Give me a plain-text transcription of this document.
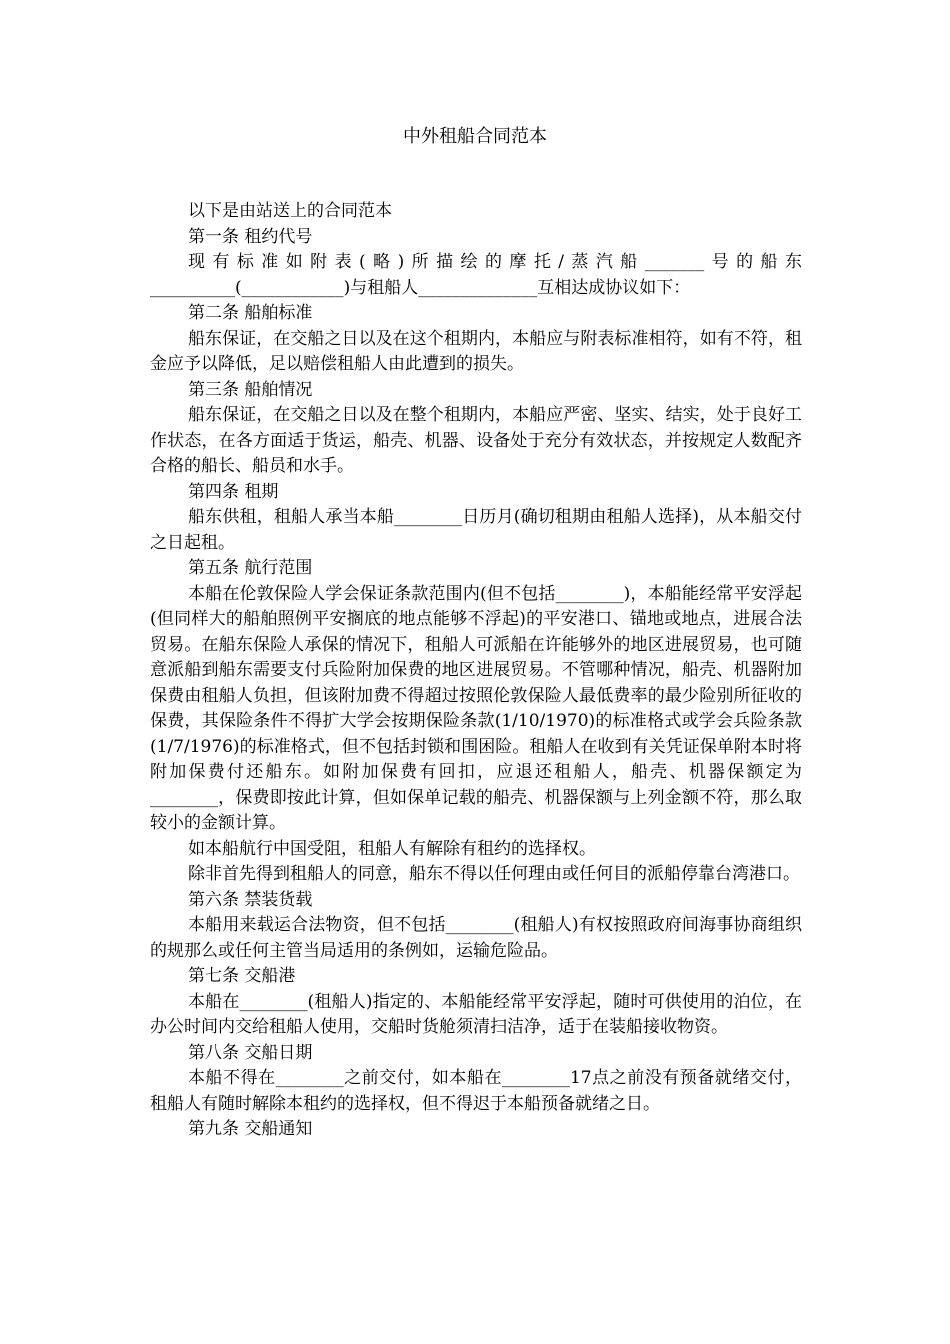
中外租船合同范本

以下是由站送上的合同范本

第一条 租约代号

现有标准如附表(略)所描绘的摩托/蒸汽船_______号的船东__________(____________)与租船人______________互相达成协议如下：

第二条 船舶标准

船东保证，在交船之日以及在这个租期内，本船应与附表标准相符，如有不符，租金应予以降低，足以赔偿租船人由此遭到的损失。

第三条 船舶情况

船东保证，在交船之日以及在整个租期内，本船应严密、坚实、结实，处于良好工作状态，在各方面适于货运，船壳、机器、设备处于充分有效状态，并按规定人数配齐合格的船长、船员和水手。

第四条 租期

船东供租，租船人承当本船________日历月(确切租期由租船人选择)，从本船交付之日起租。

第五条 航行范围

本船在伦敦保险人学会保证条款范围内(但不包括________)，本船能经常平安浮起(但同样大的船舶照例平安搁底的地点能够不浮起)的平安港口、锚地或地点，进展合法贸易。在船东保险人承保的情况下，租船人可派船在许能够外的地区进展贸易，也可随意派船到船东需要支付兵险附加保费的地区进展贸易。不管哪种情况，船壳、机器附加保费由租船人负担，但该附加费不得超过按照伦敦保险人最低费率的最少险别所征收的保费，其保险条件不得扩大学会按期保险条款(1/10/1970)的标准格式或学会兵险条款(1/7/1976)的标准格式，但不包括封锁和围困险。租船人在收到有关凭证保单附本时将附加保费付还船东。如附加保费有回扣，应退还租船人，船壳、机器保额定为________，保费即按此计算，但如保单记载的船壳、机器保额与上列金额不符，那么取较小的金额计算。

如本船航行中国受阻，租船人有解除有租约的选择权。

除非首先得到租船人的同意，船东不得以任何理由或任何目的派船停靠台湾港口。

第六条 禁装货载

本船用来载运合法物资，但不包括________(租船人)有权按照政府间海事协商组织的规那么或任何主管当局适用的条例如，运输危险品。

第七条 交船港

本船在________(租船人)指定的、本船能经常平安浮起，随时可供使用的泊位，在办公时间内交给租船人使用，交船时货舱须清扫洁净，适于在装船接收物资。

第八条 交船日期

本船不得在________之前交付，如本船在________17点之前没有预备就绪交付，租船人有随时解除本租约的选择权，但不得迟于本船预备就绪之日。

第九条 交船通知
